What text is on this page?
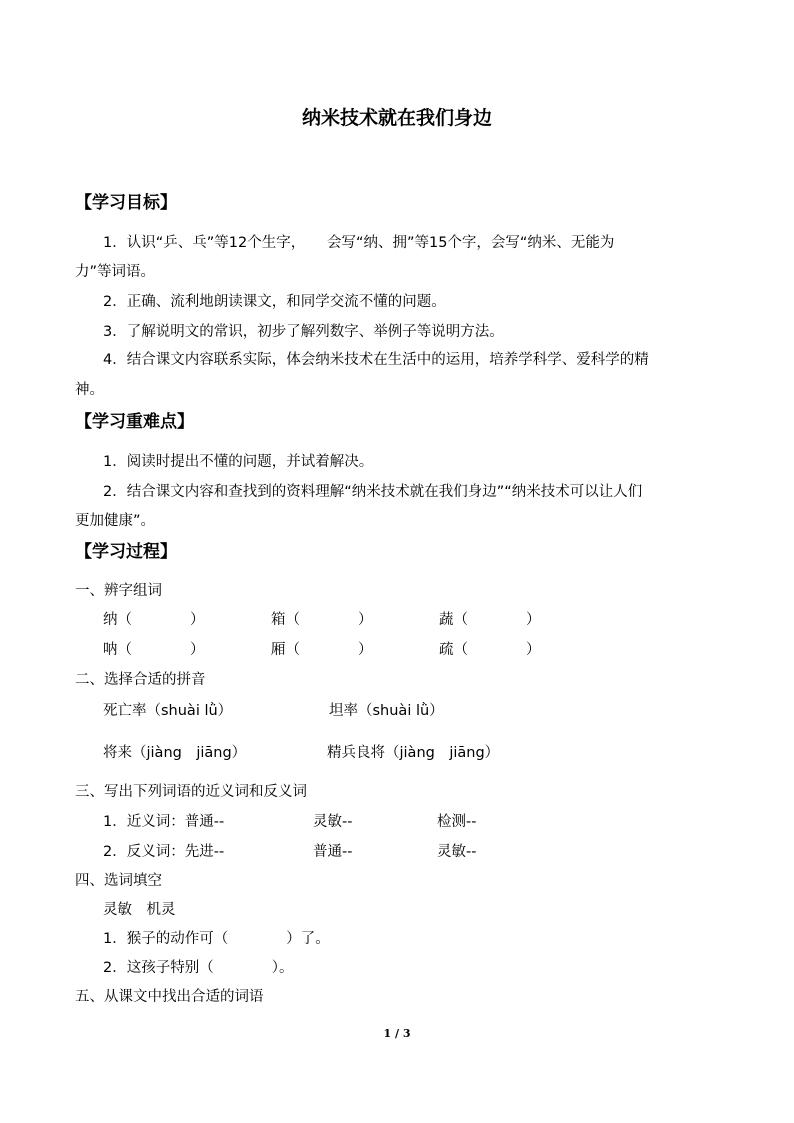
纳米技术就在我们身边
【学习目标】
1．认识“乒、乓”等12个生字，　　会写“纳、拥”等15个字，会写“纳米、无能为
力”等词语。
2．正确、流利地朗读课文，和同学交流不懂的问题。
3．了解说明文的常识，初步了解列数字、举例子等说明方法。
4．结合课文内容联系实际，体会纳米技术在生活中的运用，培养学科学、爱科学的精
神。
【学习重难点】
1．阅读时提出不懂的问题，并试着解决。
2．结合课文内容和查找到的资料理解“纳米技术就在我们身边”“纳米技术可以让人们
更加健康”。
【学习过程】
一、辨字组词
纳（　　　　）	箱（　　　　）	蔬（　　　　）
呐（　　　　）	厢（　　　　）	疏（　　　　）
二、选择合适的拼音
死亡率（shuài lǜ）	坦率（shuài lǜ）
将来（jiàng　jiāng）	精兵良将（jiàng　jiāng）
三、写出下列词语的近义词和反义词
1．近义词：普通--	灵敏--	检测--
2．反义词：先进--	普通--	灵敏--
四、选词填空
灵敏　机灵
1．猴子的动作可（　　　　）了。
2．这孩子特别（　　　　）。
五、从课文中找出合适的词语
1 / 3
